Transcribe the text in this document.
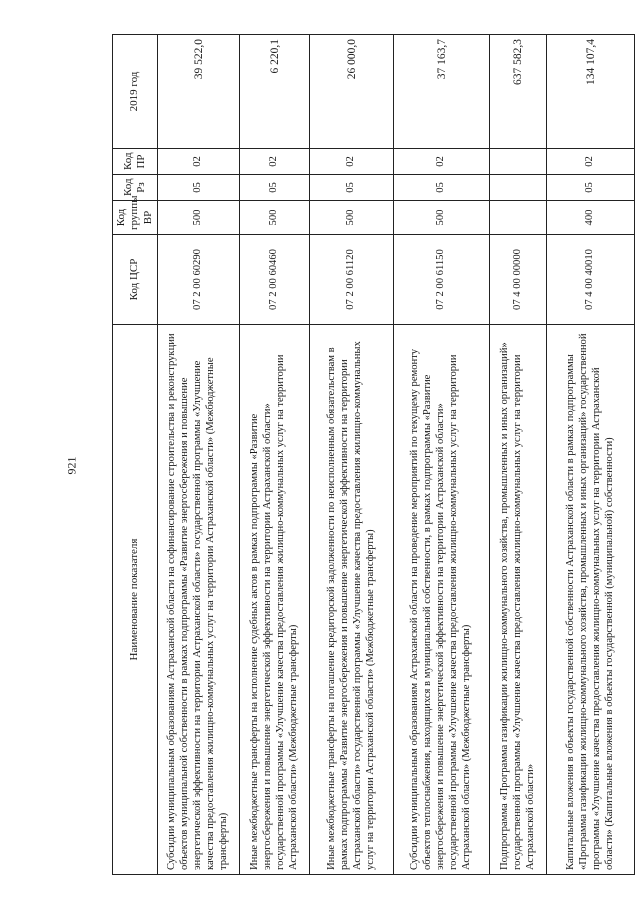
921
Наименование показателя	Код ЦСР	Код группы ВР	Код Рз	Код ПР	2019 год
Субсидии муниципальным образованиям Астраханской области на софинансирование строительства и реконструкции объектов муниципальной собственности в рамках подпрограммы «Развитие энергосбережения и повышение энергетической эффективности на территории Астраханской области» государственной программы «Улучшение качества предоставления жилищно-коммунальных услуг на территории Астраханской области» (Межбюджетные трансферты)	07 2 00 60290	500	05	02	39 522,0
Иные межбюджетные трансферты на исполнение судебных актов в рамках подпрограммы «Развитие энергосбережения и повышение энергетической эффективности на территории Астраханской области» государственной программы «Улучшение качества предоставления жилищно-коммунальных услуг на территории Астраханской области» (Межбюджетные трансферты)	07 2 00 60460	500	05	02	6 220,1
Иные межбюджетные трансферты на погашение кредиторской задолженности по неисполненным обязательствам в рамках подпрограммы «Развитие энергосбережения и повышение энергетической эффективности на территории Астраханской области» государственной программы «Улучшение качества предоставления жилищно-коммунальных услуг на территории Астраханской области» (Межбюджетные трансферты)	07 2 00 61120	500	05	02	26 000,0
Субсидии муниципальным образованиям Астраханской области на проведение мероприятий по текущему ремонту объектов теплоснабжения, находящихся в муниципальной собственности, в рамках подпрограммы «Развитие энергосбережения и повышение энергетической эффективности на территории Астраханской области» государственной программы «Улучшение качества предоставления жилищно-коммунальных услуг на территории Астраханской области» (Межбюджетные трансферты)	07 2 00 61150	500	05	02	37 163,7
Подпрограмма «Программа газификации жилищно-коммунального хозяйства, промышленных и иных организаций» государственной программы «Улучшение качества предоставления жилищно-коммунальных услуг на территории Астраханской области»	07 4 00 00000				637 582,3
Капитальные вложения в объекты государственной собственности Астраханской области в рамках подпрограммы «Программа газификации жилищно-коммунального хозяйства, промышленных и иных организаций» государственной программы «Улучшение качества предоставления жилищно-коммунальных услуг на территории Астраханской области» (Капитальные вложения в объекты государственной (муниципальной) собственности)	07 4 00 40010	400	05	02	134 107,4
